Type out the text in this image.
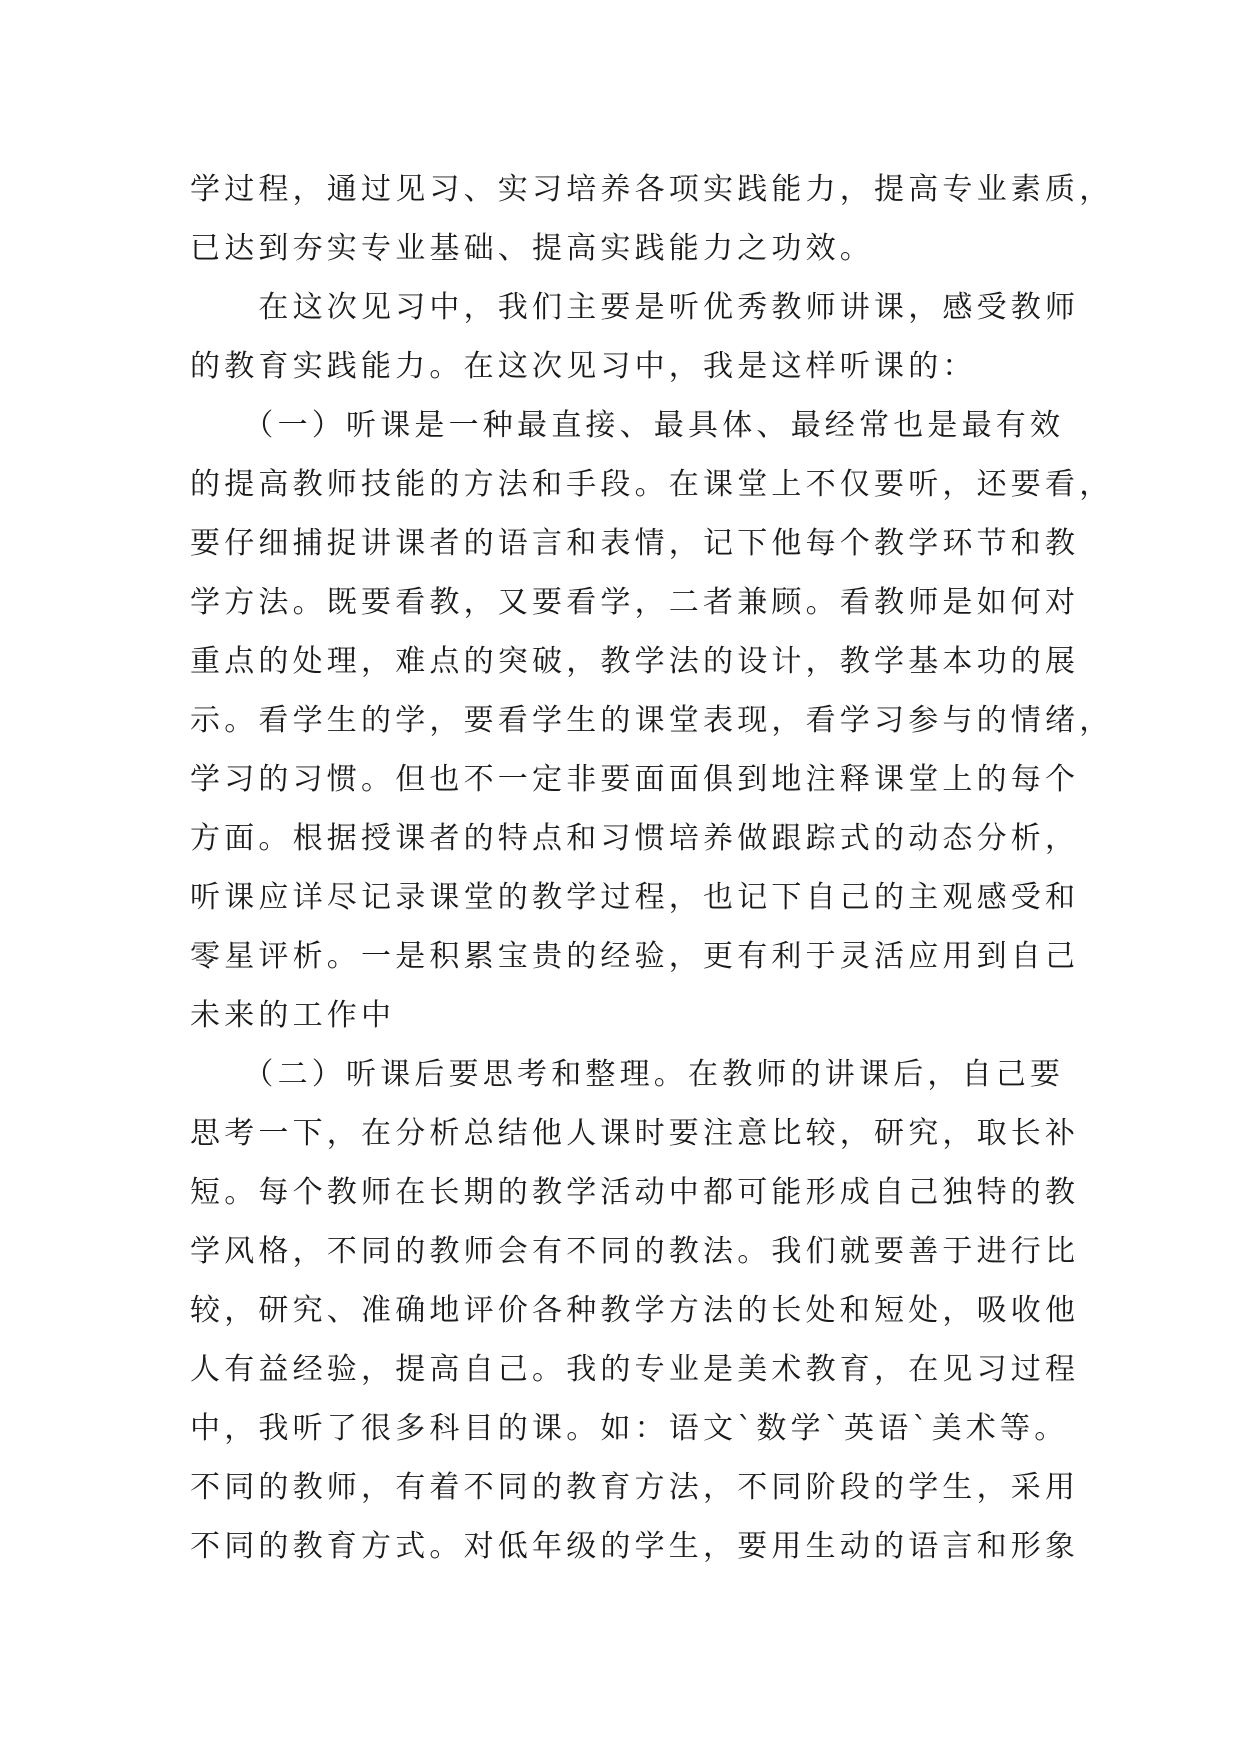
学过程，通过见习、实习培养各项实践能力，提高专业素质，
已达到夯实专业基础、提高实践能力之功效。
　　在这次见习中，我们主要是听优秀教师讲课，感受教师
的教育实践能力。在这次见习中，我是这样听课的：
　　（一）听课是一种最直接、最具体、最经常也是最有效
的提高教师技能的方法和手段。在课堂上不仅要听，还要看，
要仔细捕捉讲课者的语言和表情，记下他每个教学环节和教
学方法。既要看教，又要看学，二者兼顾。看教师是如何对
重点的处理，难点的突破，教学法的设计，教学基本功的展
示。看学生的学，要看学生的课堂表现，看学习参与的情绪，
学习的习惯。但也不一定非要面面俱到地注释课堂上的每个
方面。根据授课者的特点和习惯培养做跟踪式的动态分析，
听课应详尽记录课堂的教学过程，也记下自己的主观感受和
零星评析。一是积累宝贵的经验，更有利于灵活应用到自己
未来的工作中
　　（二）听课后要思考和整理。在教师的讲课后，自己要
思考一下，在分析总结他人课时要注意比较，研究，取长补
短。每个教师在长期的教学活动中都可能形成自己独特的教
学风格，不同的教师会有不同的教法。我们就要善于进行比
较，研究、准确地评价各种教学方法的长处和短处，吸收他
人有益经验，提高自己。我的专业是美术教育，在见习过程
中，我听了很多科目的课。如：语文`数学`英语`美术等。
不同的教师，有着不同的教育方法，不同阶段的学生，采用
不同的教育方式。对低年级的学生，要用生动的语言和形象
